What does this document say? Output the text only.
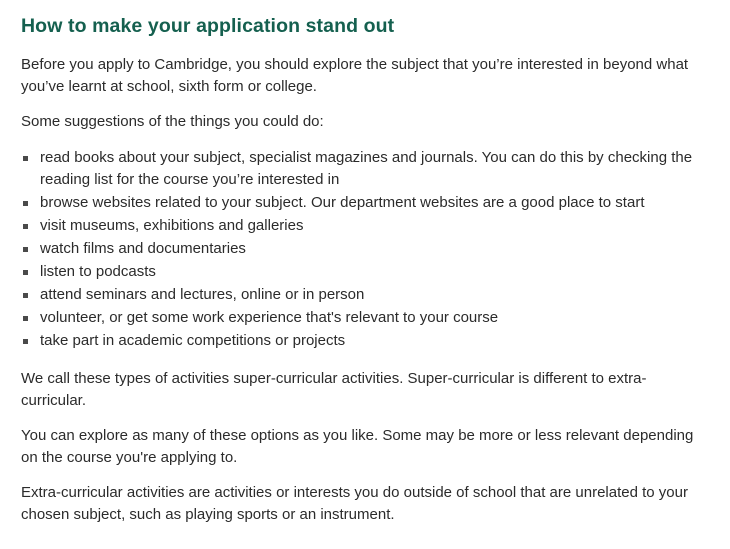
How to make your application stand out

Before you apply to Cambridge, you should explore the subject that you’re interested in beyond what you’ve learnt at school, sixth form or college.

Some suggestions of the things you could do:

read books about your subject, specialist magazines and journals. You can do this by checking the reading list for the course you’re interested in
browse websites related to your subject. Our department websites are a good place to start
visit museums, exhibitions and galleries
watch films and documentaries
listen to podcasts
attend seminars and lectures, online or in person
volunteer, or get some work experience that's relevant to your course
take part in academic competitions or projects

We call these types of activities super-curricular activities. Super-curricular is different to extra-curricular.

You can explore as many of these options as you like. Some may be more or less relevant depending on the course you're applying to.

Extra-curricular activities are activities or interests you do outside of school that are unrelated to your chosen subject, such as playing sports or an instrument.
